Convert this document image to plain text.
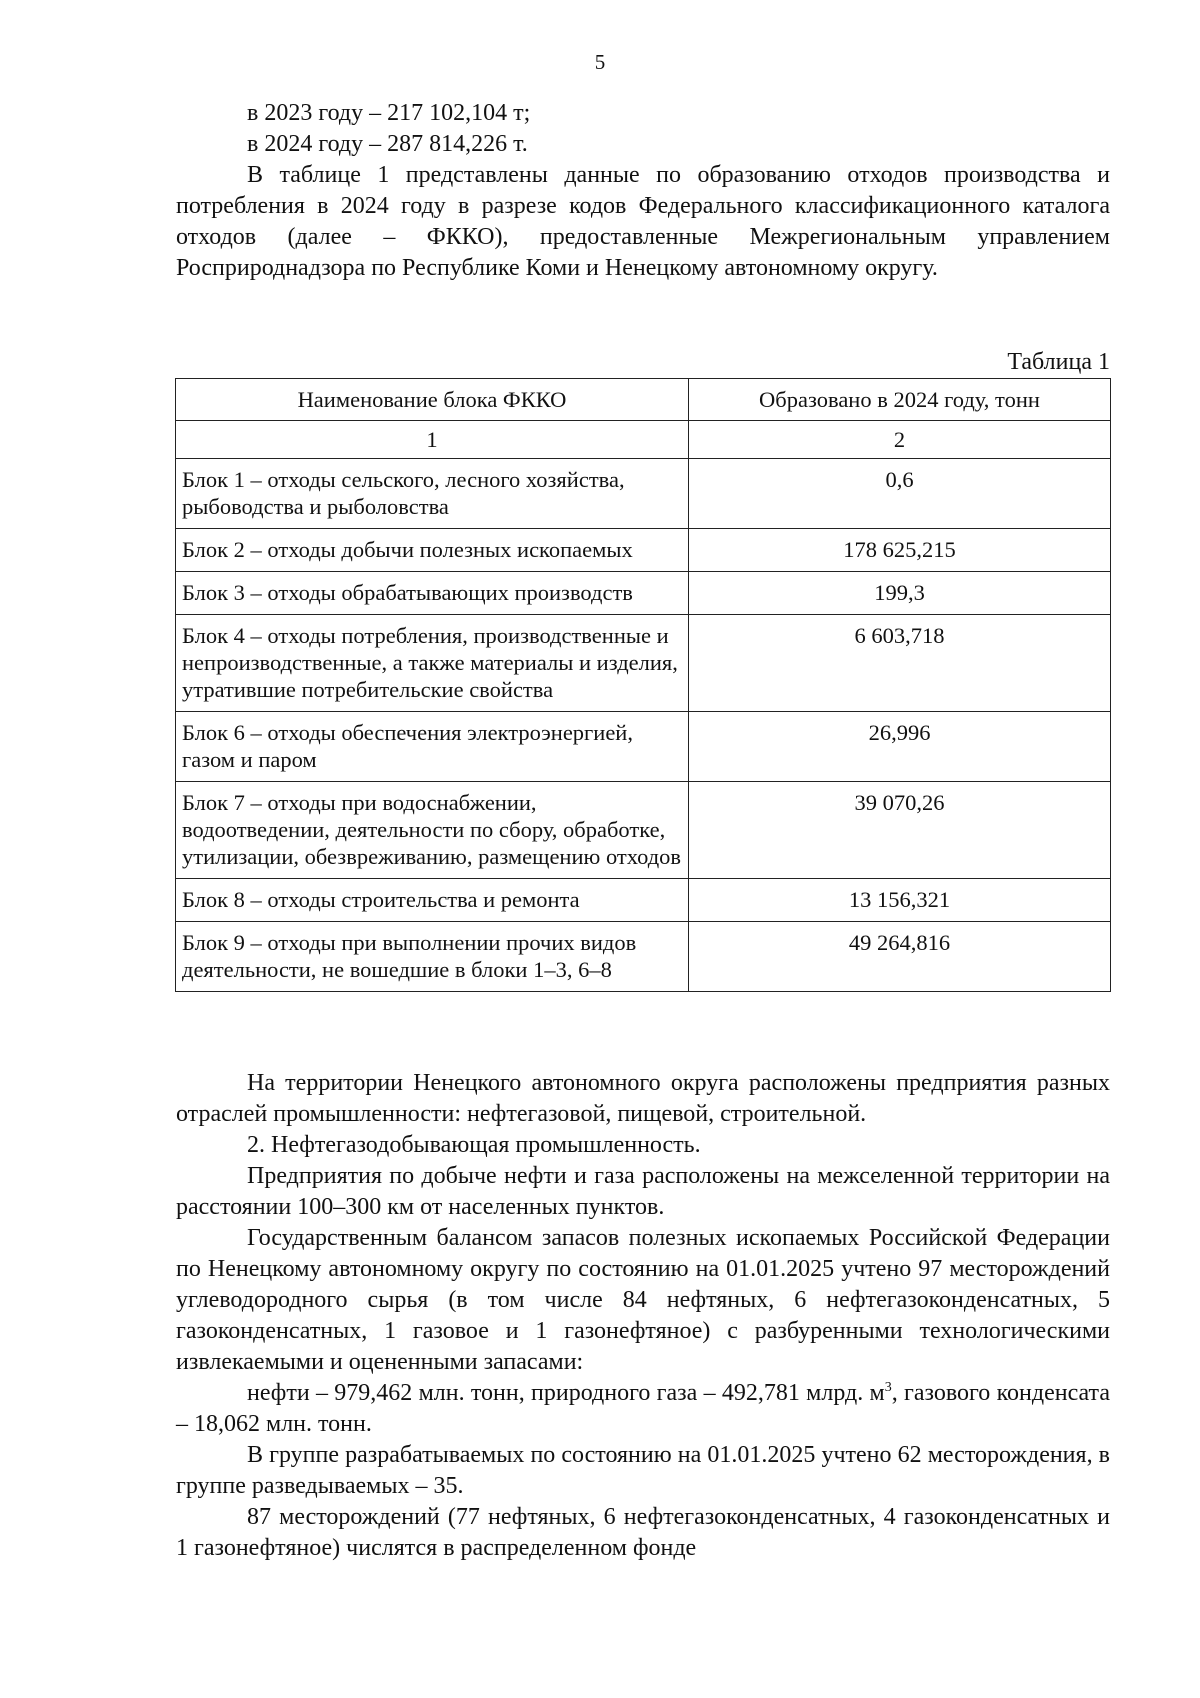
5

в 2023 году – 217 102,104 т;

в 2024 году – 287 814,226 т.

В таблице 1 представлены данные по образованию отходов производства и потребления в 2024 году в разрезе кодов Федерального классификационного каталога отходов (далее – ФККО), предоставленные Межрегиональным управлением Росприроднадзора по Республике Коми и Ненецкому автономному округу.

Таблица 1
Наименование блока ФККО	Образовано в 2024 году, тонн
1	2
Блок 1 – отходы сельского, лесного хозяйства, рыбоводства и рыболовства	0,6
Блок 2 – отходы добычи полезных ископаемых	178 625,215
Блок 3 – отходы обрабатывающих производств	199,3
Блок 4 – отходы потребления, производственные и непроизводственные, а также материалы и изделия, утратившие потребительские свойства	6 603,718
Блок 6 – отходы обеспечения электроэнергией, газом и паром	26,996
Блок 7 – отходы при водоснабжении, водоотведении, деятельности по сбору, обработке, утилизации, обезвреживанию, размещению отходов	39 070,26
Блок 8 – отходы строительства и ремонта	13 156,321
Блок 9 – отходы при выполнении прочих видов деятельности, не вошедшие в блоки 1–3, 6–8	49 264,816

На территории Ненецкого автономного округа расположены предприятия разных отраслей промышленности: нефтегазовой, пищевой, строительной.

2. Нефтегазодобывающая промышленность.

Предприятия по добыче нефти и газа расположены на межселенной территории на расстоянии 100–300 км от населенных пунктов.

Государственным балансом запасов полезных ископаемых Российской Федерации по Ненецкому автономному округу по состоянию на 01.01.2025 учтено 97 месторождений углеводородного сырья (в том числе 84 нефтяных, 6 нефтегазоконденсатных, 5 газоконденсатных, 1 газовое и 1 газонефтяное) с разбуренными технологическими извлекаемыми и оцененными запасами:

нефти – 979,462 млн. тонн, природного газа – 492,781 млрд. $м^3$, газового конденсата – 18,062 млн. тонн.

В группе разрабатываемых по состоянию на 01.01.2025 учтено 62 месторождения, в группе разведываемых – 35.

87 месторождений (77 нефтяных, 6 нефтегазоконденсатных, 4 газоконденсатных и 1 газонефтяное) числятся в распределенном фонде
